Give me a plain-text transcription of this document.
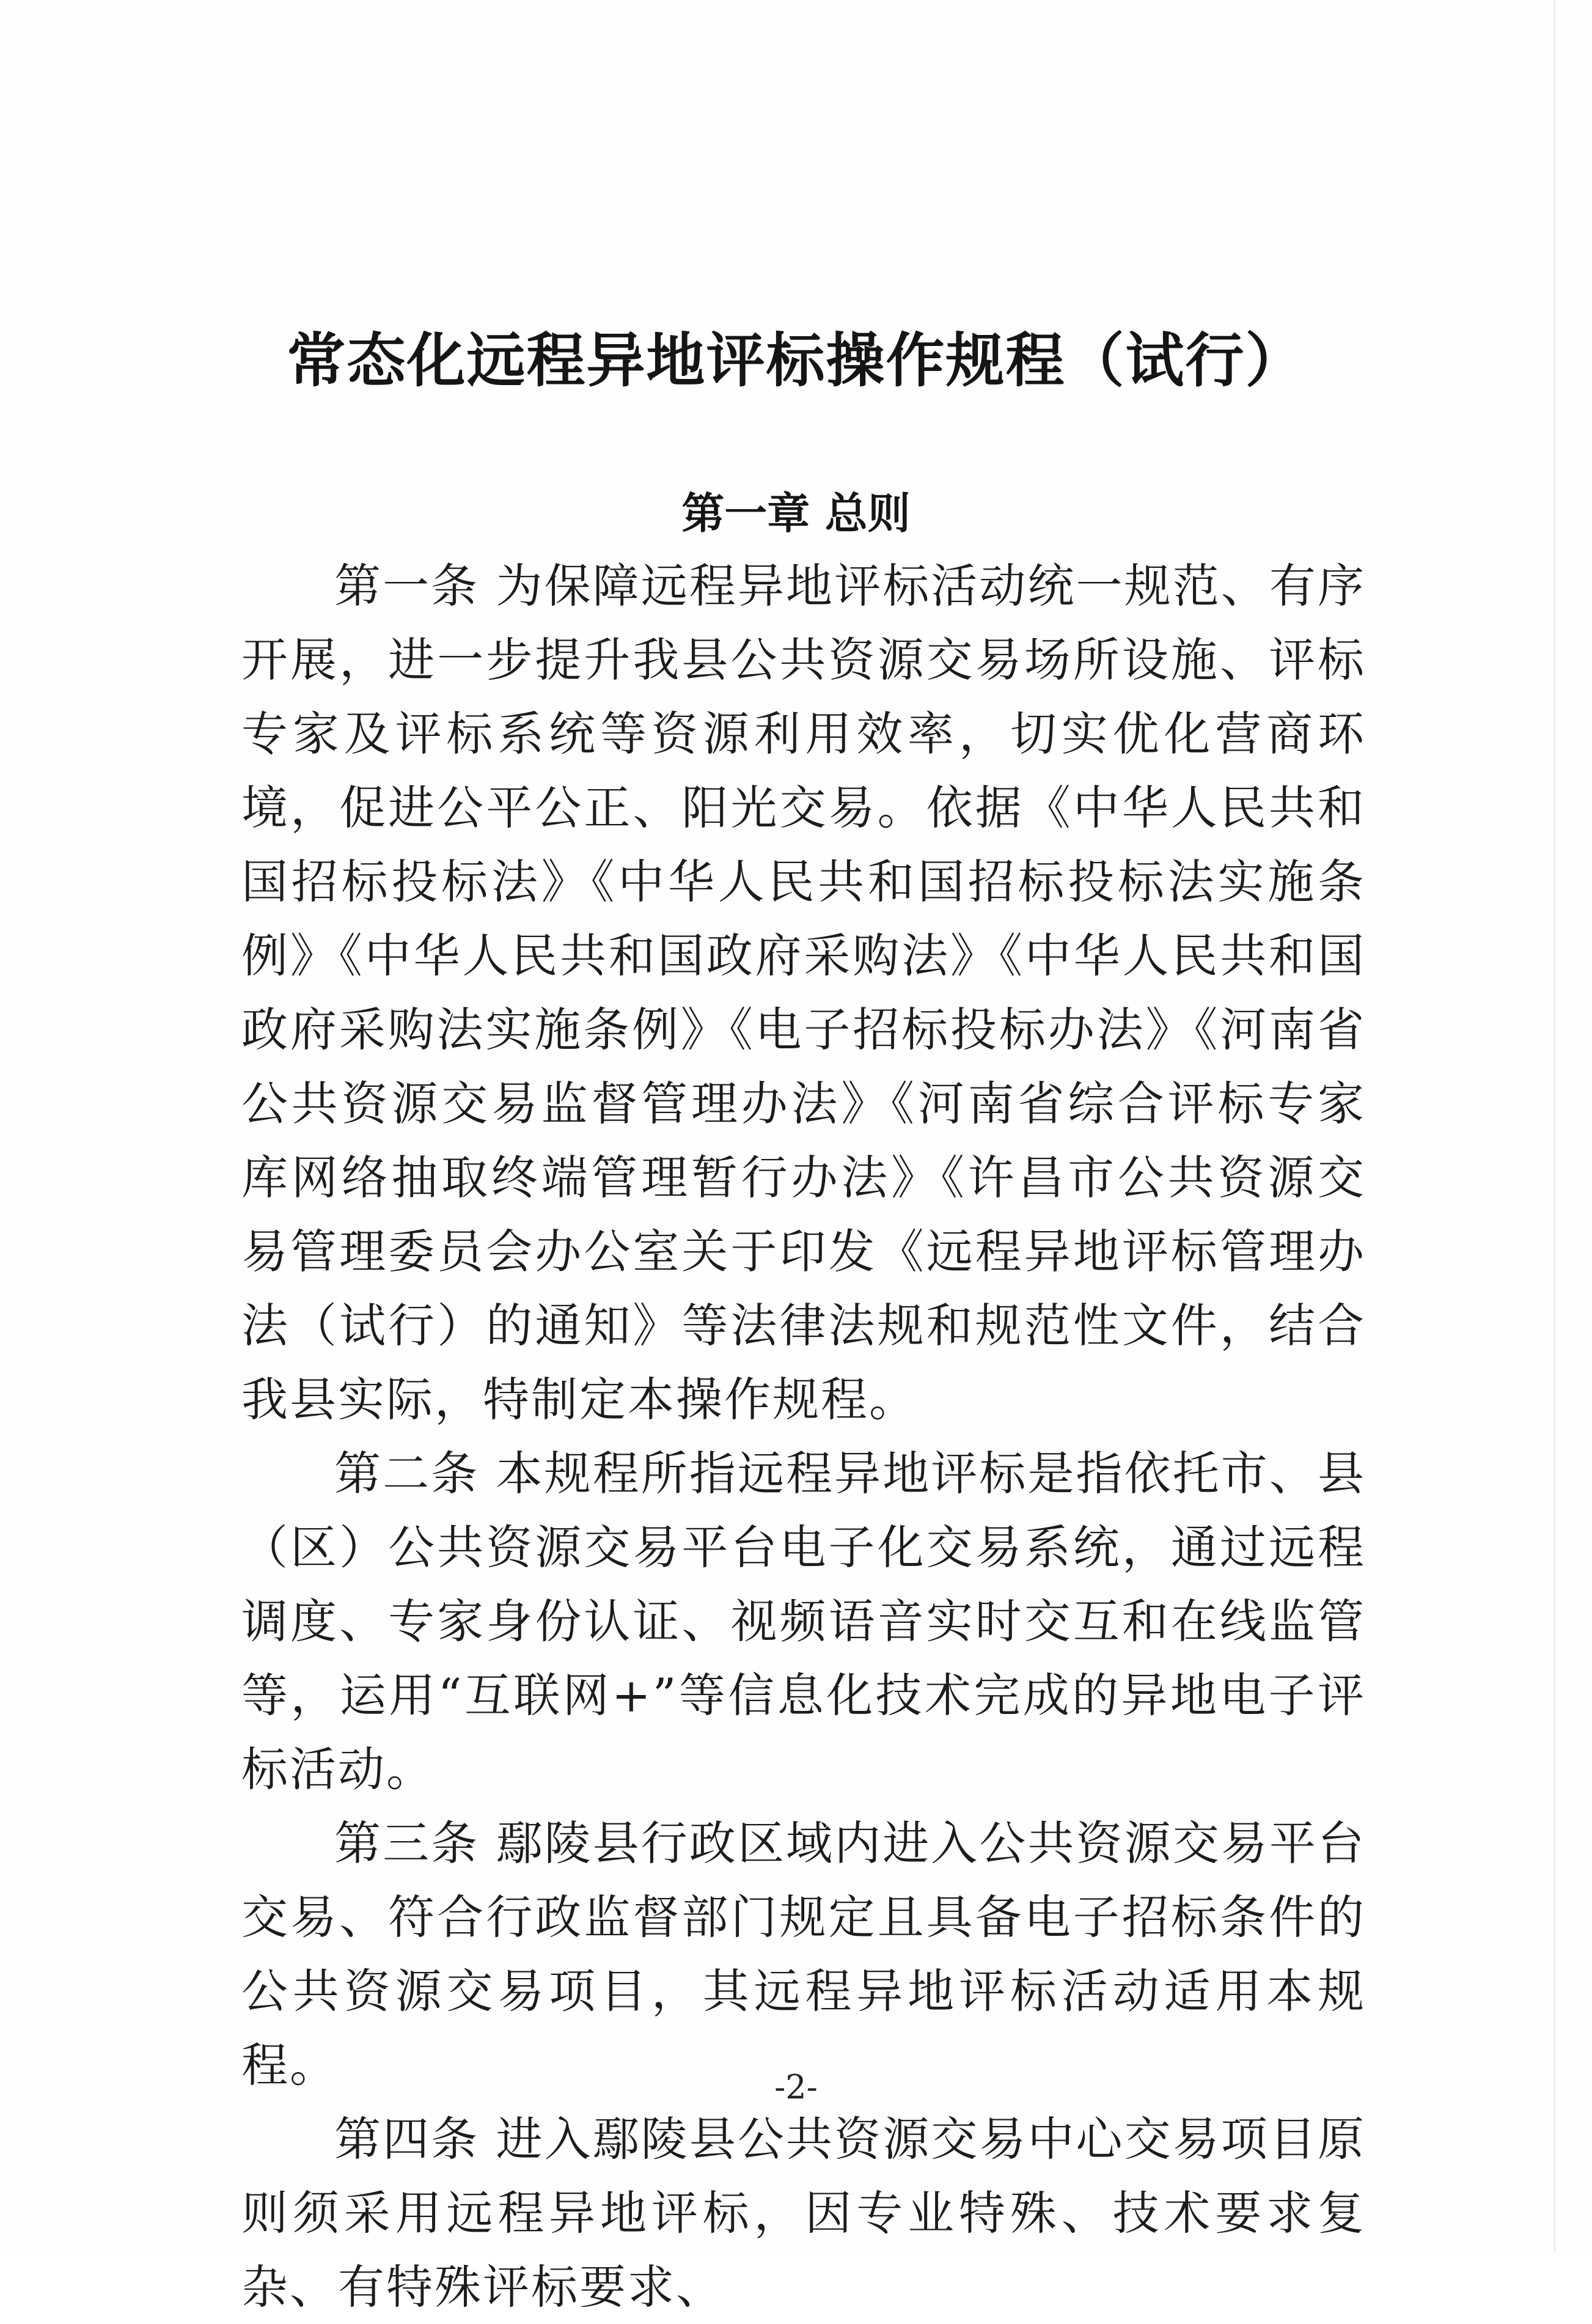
常态化远程异地评标操作规程（试行）
第一章 总则

第一条 为保障远程异地评标活动统一规范、有序开展，进一步提升我县公共资源交易场所设施、评标专家及评标系统等资源利用效率，切实优化营商环境，促进公平公正、阳光交易。依据《中华人民共和国招标投标法》《中华人民共和国招标投标法实施条例》《中华人民共和国政府采购法》《中华人民共和国政府采购法实施条例》《电子招标投标办法》《河南省公共资源交易监督管理办法》《河南省综合评标专家库网络抽取终端管理暂行办法》《许昌市公共资源交易管理委员会办公室关于印发《远程异地评标管理办法（试行）的通知》等法律法规和规范性文件，结合我县实际，特制定本操作规程。

第二条 本规程所指远程异地评标是指依托市、县（区）公共资源交易平台电子化交易系统，通过远程调度、专家身份认证、视频语音实时交互和在线监管等，运用“互联网+”等信息化技术完成的异地电子评标活动。

第三条 鄢陵县行政区域内进入公共资源交易平台交易、符合行政监督部门规定且具备电子招标条件的公共资源交易项目，其远程异地评标活动适用本规程。

第四条 进入鄢陵县公共资源交易中心交易项目原则须采用远程异地评标，因专业特殊、技术要求复杂、有特殊评标要求、

-2-
